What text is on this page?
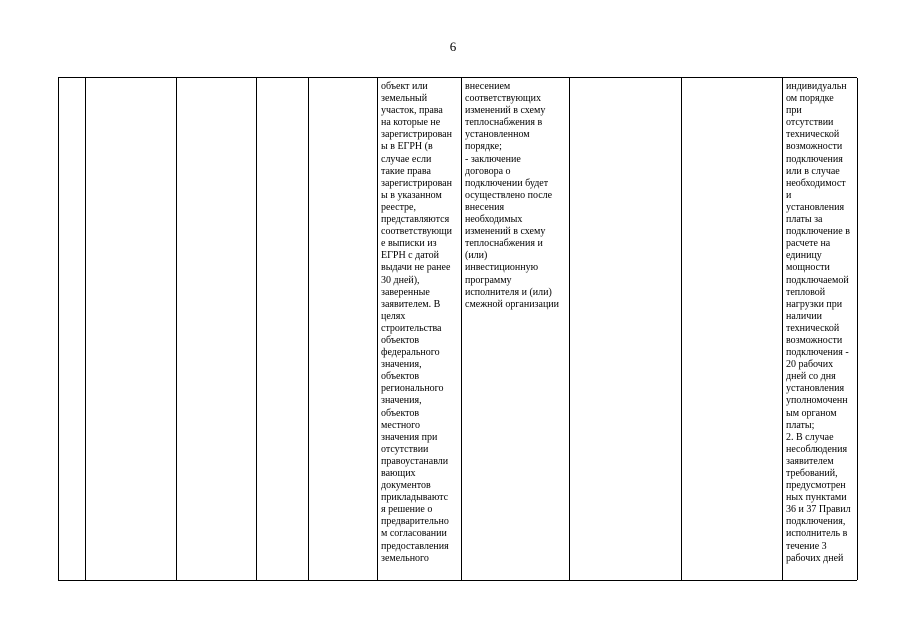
6
объект или
земельный
участок, права
на которые не
зарегистрирован
ы в ЕГРН (в
случае если
такие права
зарегистрирован
ы в указанном
реестре,
представляются
соответствующи
е выписки из
ЕГРН с датой
выдачи не ранее
30 дней),
заверенные
заявителем. В
целях
строительства
объектов
федерального
значения,
объектов
регионального
значения,
объектов
местного
значения при
отсутствии
правоустанавли
вающих
документов
прикладываютс
я решение о
предварительно
м согласовании
предоставления
земельного
внесением
соответствующих
изменений в схему
теплоснабжения в
установленном
порядке;
- заключение
договора о
подключении будет
осуществлено после
внесения
необходимых
изменений в схему
теплоснабжения и
(или)
инвестиционную
программу
исполнителя и (или)
смежной организации
индивидуальн
ом порядке
при
отсутствии
технической
возможности
подключения
или в случае
необходимост
и
установления
платы за
подключение в
расчете на
единицу
мощности
подключаемой
тепловой
нагрузки при
наличии
технической
возможности
подключения -
20 рабочих
дней со дня
установления
уполномоченн
ым органом
платы;
2. В случае
несоблюдения
заявителем
требований,
предусмотрен
ных пунктами
36 и 37 Правил
подключения,
исполнитель в
течение 3
рабочих дней
